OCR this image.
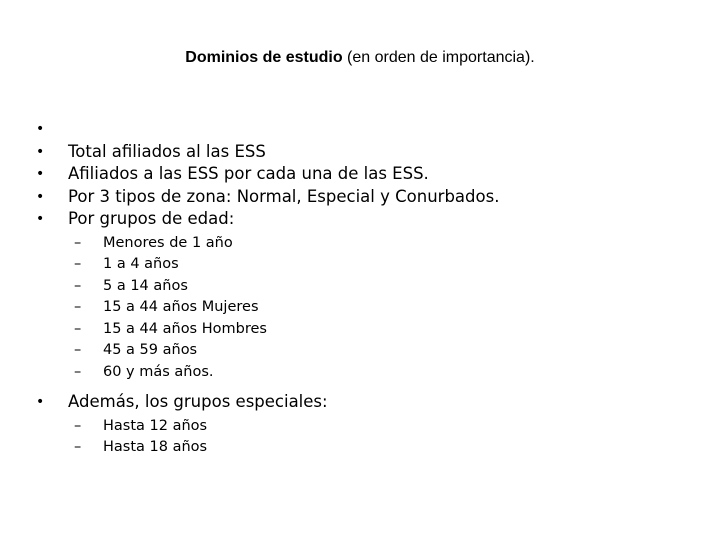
Dominios de estudio (en orden de importancia).
•
•	Total afiliados al las ESS
•	Afiliados a las ESS por cada una de las ESS.
•	Por 3 tipos de zona: Normal, Especial y Conurbados.
•	Por grupos de edad:
– Menores de 1 año
– 1 a 4 años
– 5 a 14 años
– 15 a 44 años Mujeres
– 15 a 44 años Hombres
– 45 a 59 años
– 60 y más años.
•	Además, los grupos especiales:
– Hasta 12 años
– Hasta 18 años
